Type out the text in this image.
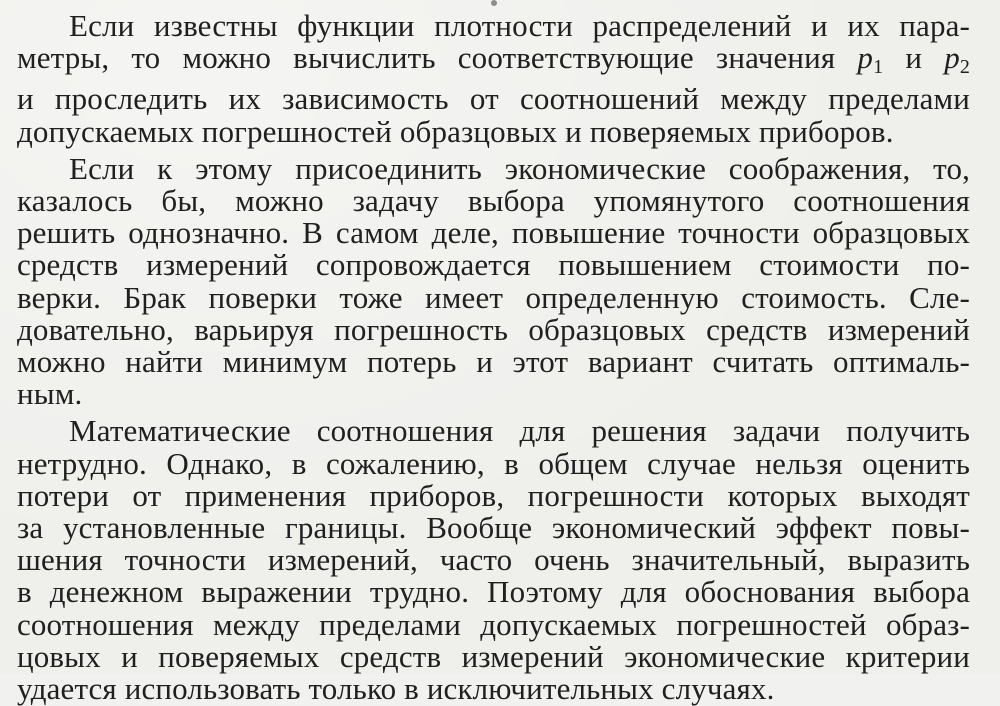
Если известны функции плотности распределений и их пара-
метры, то можно вычислить соответствующие значения $p_1$ и $p_2$
и проследить их зависимость от соотношений между пределами
допускаемых погрешностей образцовых и поверяемых приборов.

Если к этому присоединить экономические соображения, то,
казалось бы, можно задачу выбора упомянутого соотношения
решить однозначно. В самом деле, повышение точности образцовых
средств измерений сопровождается повышением стоимости по-
верки. Брак поверки тоже имеет определенную стоимость. Сле-
довательно, варьируя погрешность образцовых средств измерений
можно найти минимум потерь и этот вариант считать оптималь-
ным.

Математические соотношения для решения задачи получить
нетрудно. Однако, в сожалению, в общем случае нельзя оценить
потери от применения приборов, погрешности которых выходят
за установленные границы. Вообще экономический эффект повы-
шения точности измерений, часто очень значительный, выразить
в денежном выражении трудно. Поэтому для обоснования выбора
соотношения между пределами допускаемых погрешностей образ-
цовых и поверяемых средств измерений экономические критерии
удается использовать только в исключительных случаях.
